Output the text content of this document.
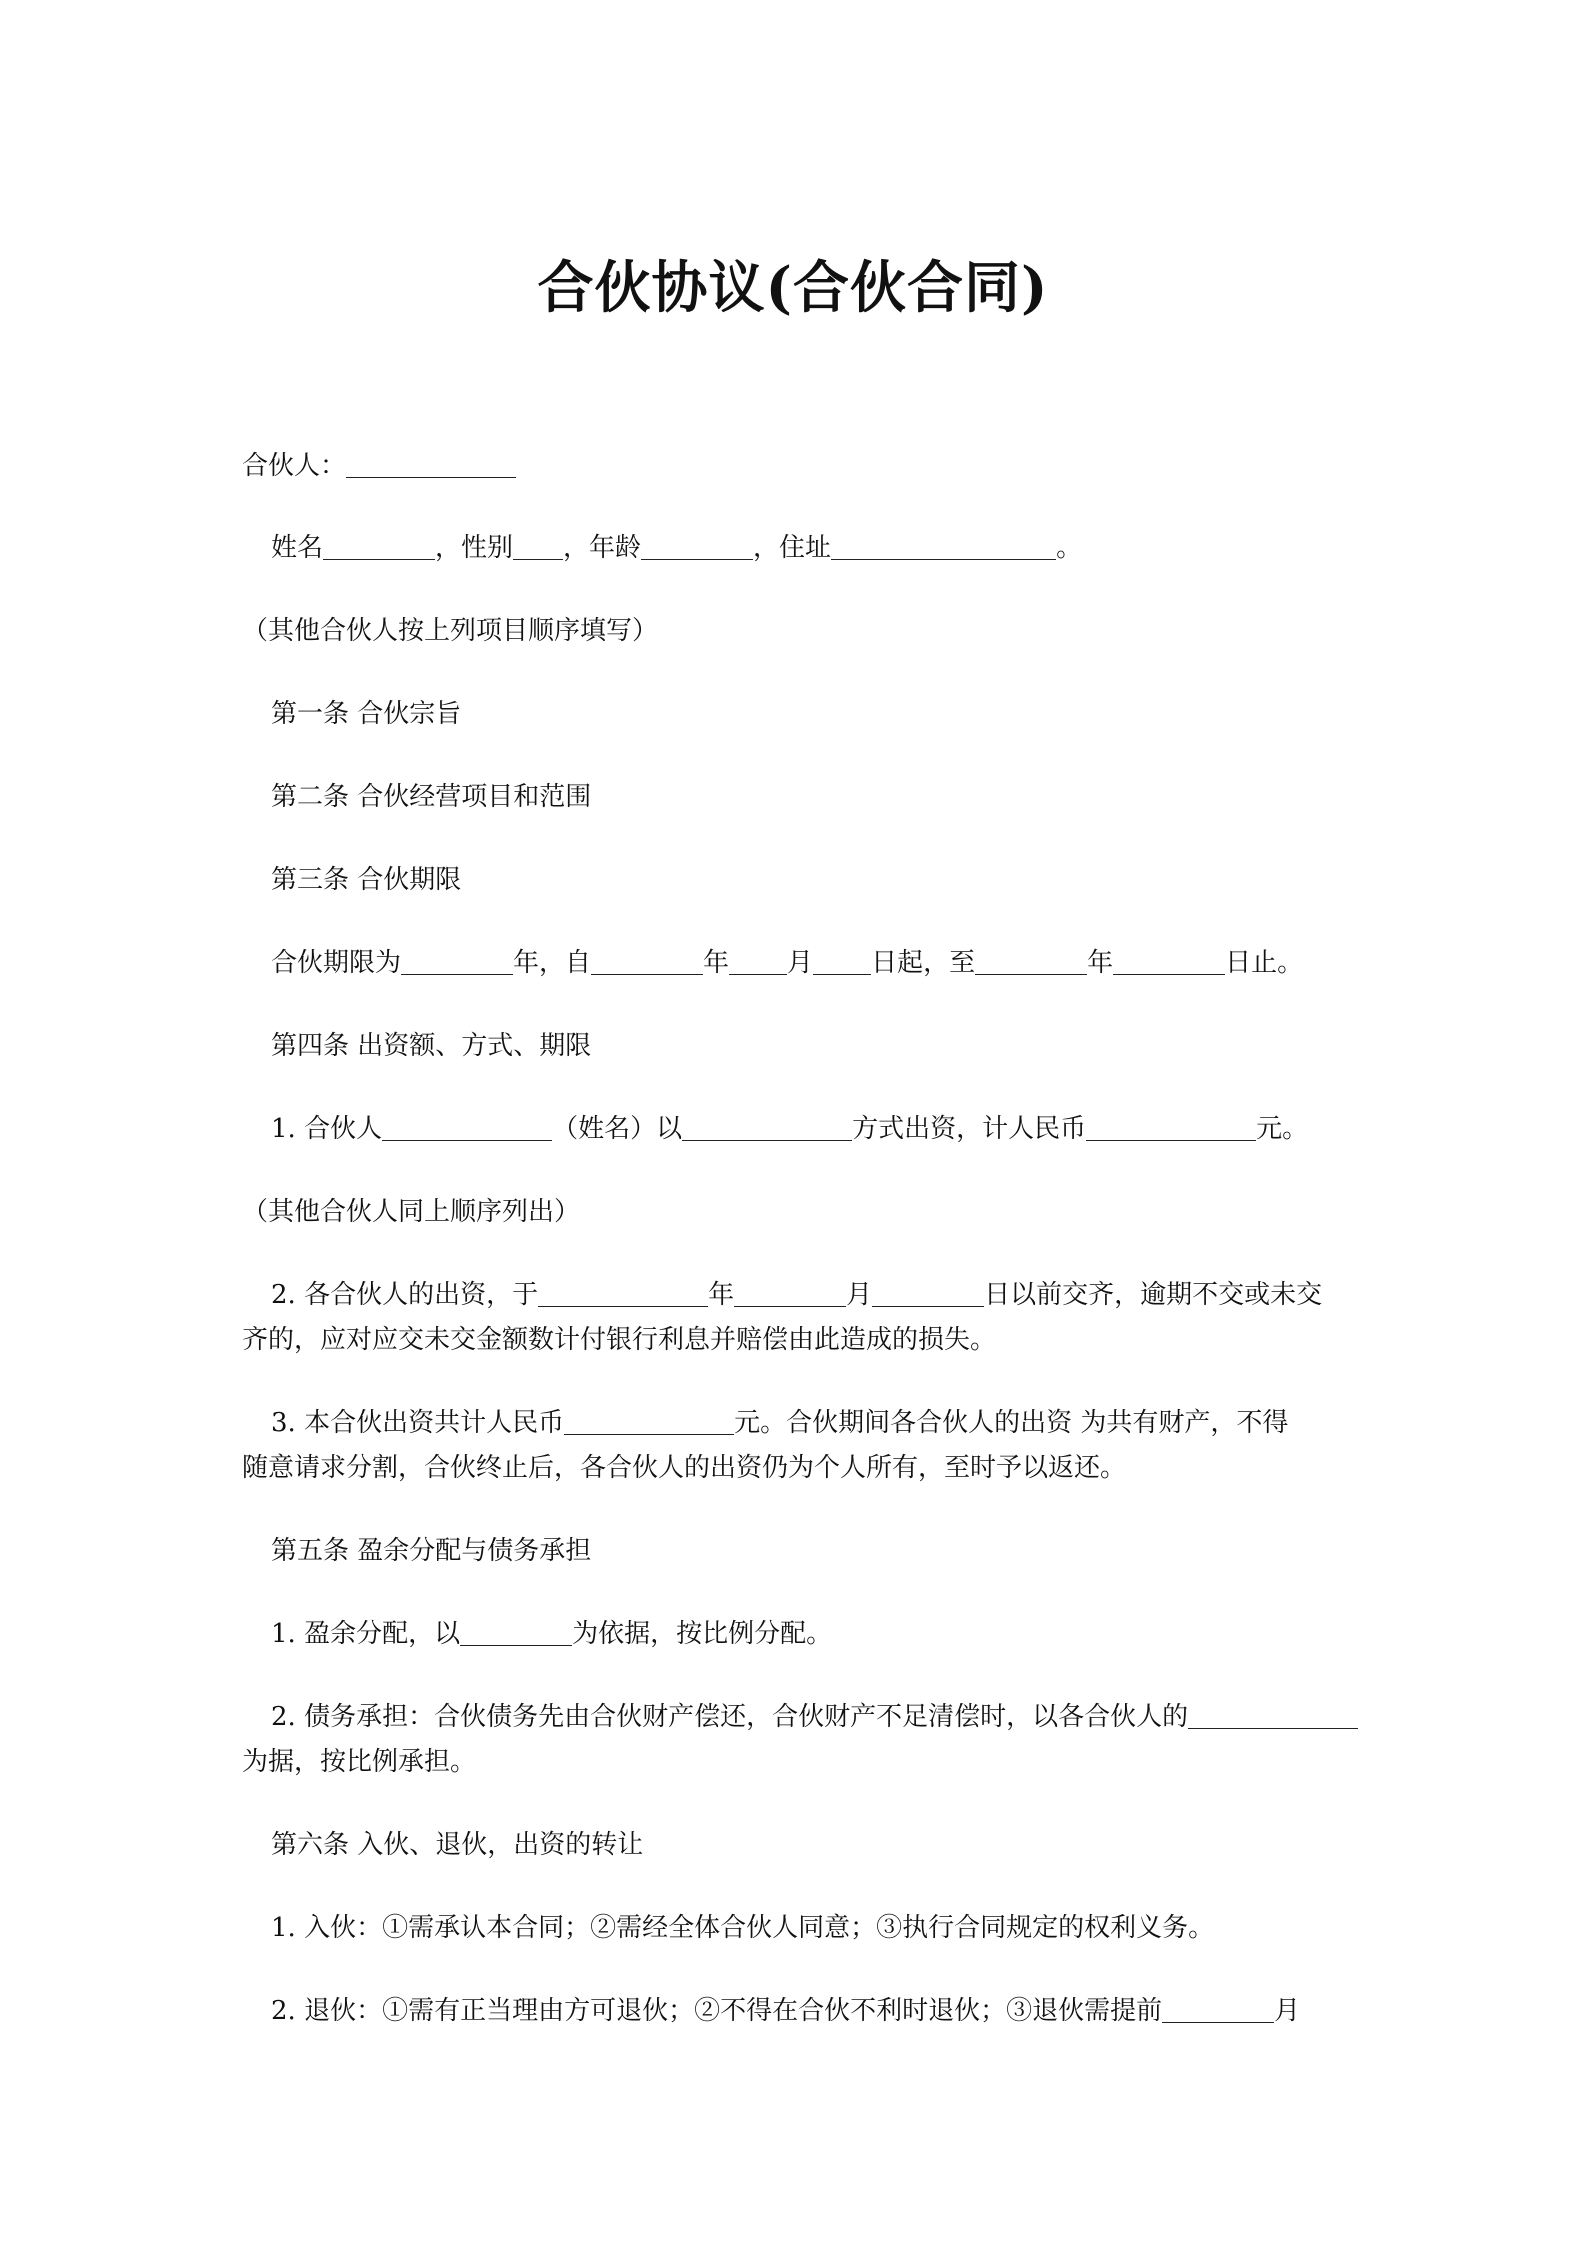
合伙协议(合伙合同)
合伙人：
姓名	，性别 ，年龄	，住址	。
（其他合伙人按上列项目顺序填写）
第一条 合伙宗旨
第二条 合伙经营项目和范围
第三条 合伙期限
合伙期限为	年，自	年 月 日起，至	年	日止。
第四条 出资额、方式、期限
1. 合伙人	（姓名）以	方式出资，计人民币	元。
（其他合伙人同上顺序列出）
2. 各合伙人的出资，于	年	月	日以前交齐，逾期不交或未交
齐的，应对应交未交金额数计付银行利息并赔偿由此造成的损失。
3. 本合伙出资共计人民币	元。合伙期间各合伙人的出资 为共有财产，不得
随意请求分割，合伙终止后，各合伙人的出资仍为个人所有，至时予以返还。
第五条 盈余分配与债务承担
1. 盈余分配，以	为依据，按比例分配。
2. 债务承担：合伙债务先由合伙财产偿还，合伙财产不足清偿时，以各合伙人的
为据，按比例承担。
第六条 入伙、退伙，出资的转让
1. 入伙：①需承认本合同；②需经全体合伙人同意；③执行合同规定的权利义务。
2. 退伙：①需有正当理由方可退伙；②不得在合伙不利时退伙；③退伙需提前	月
